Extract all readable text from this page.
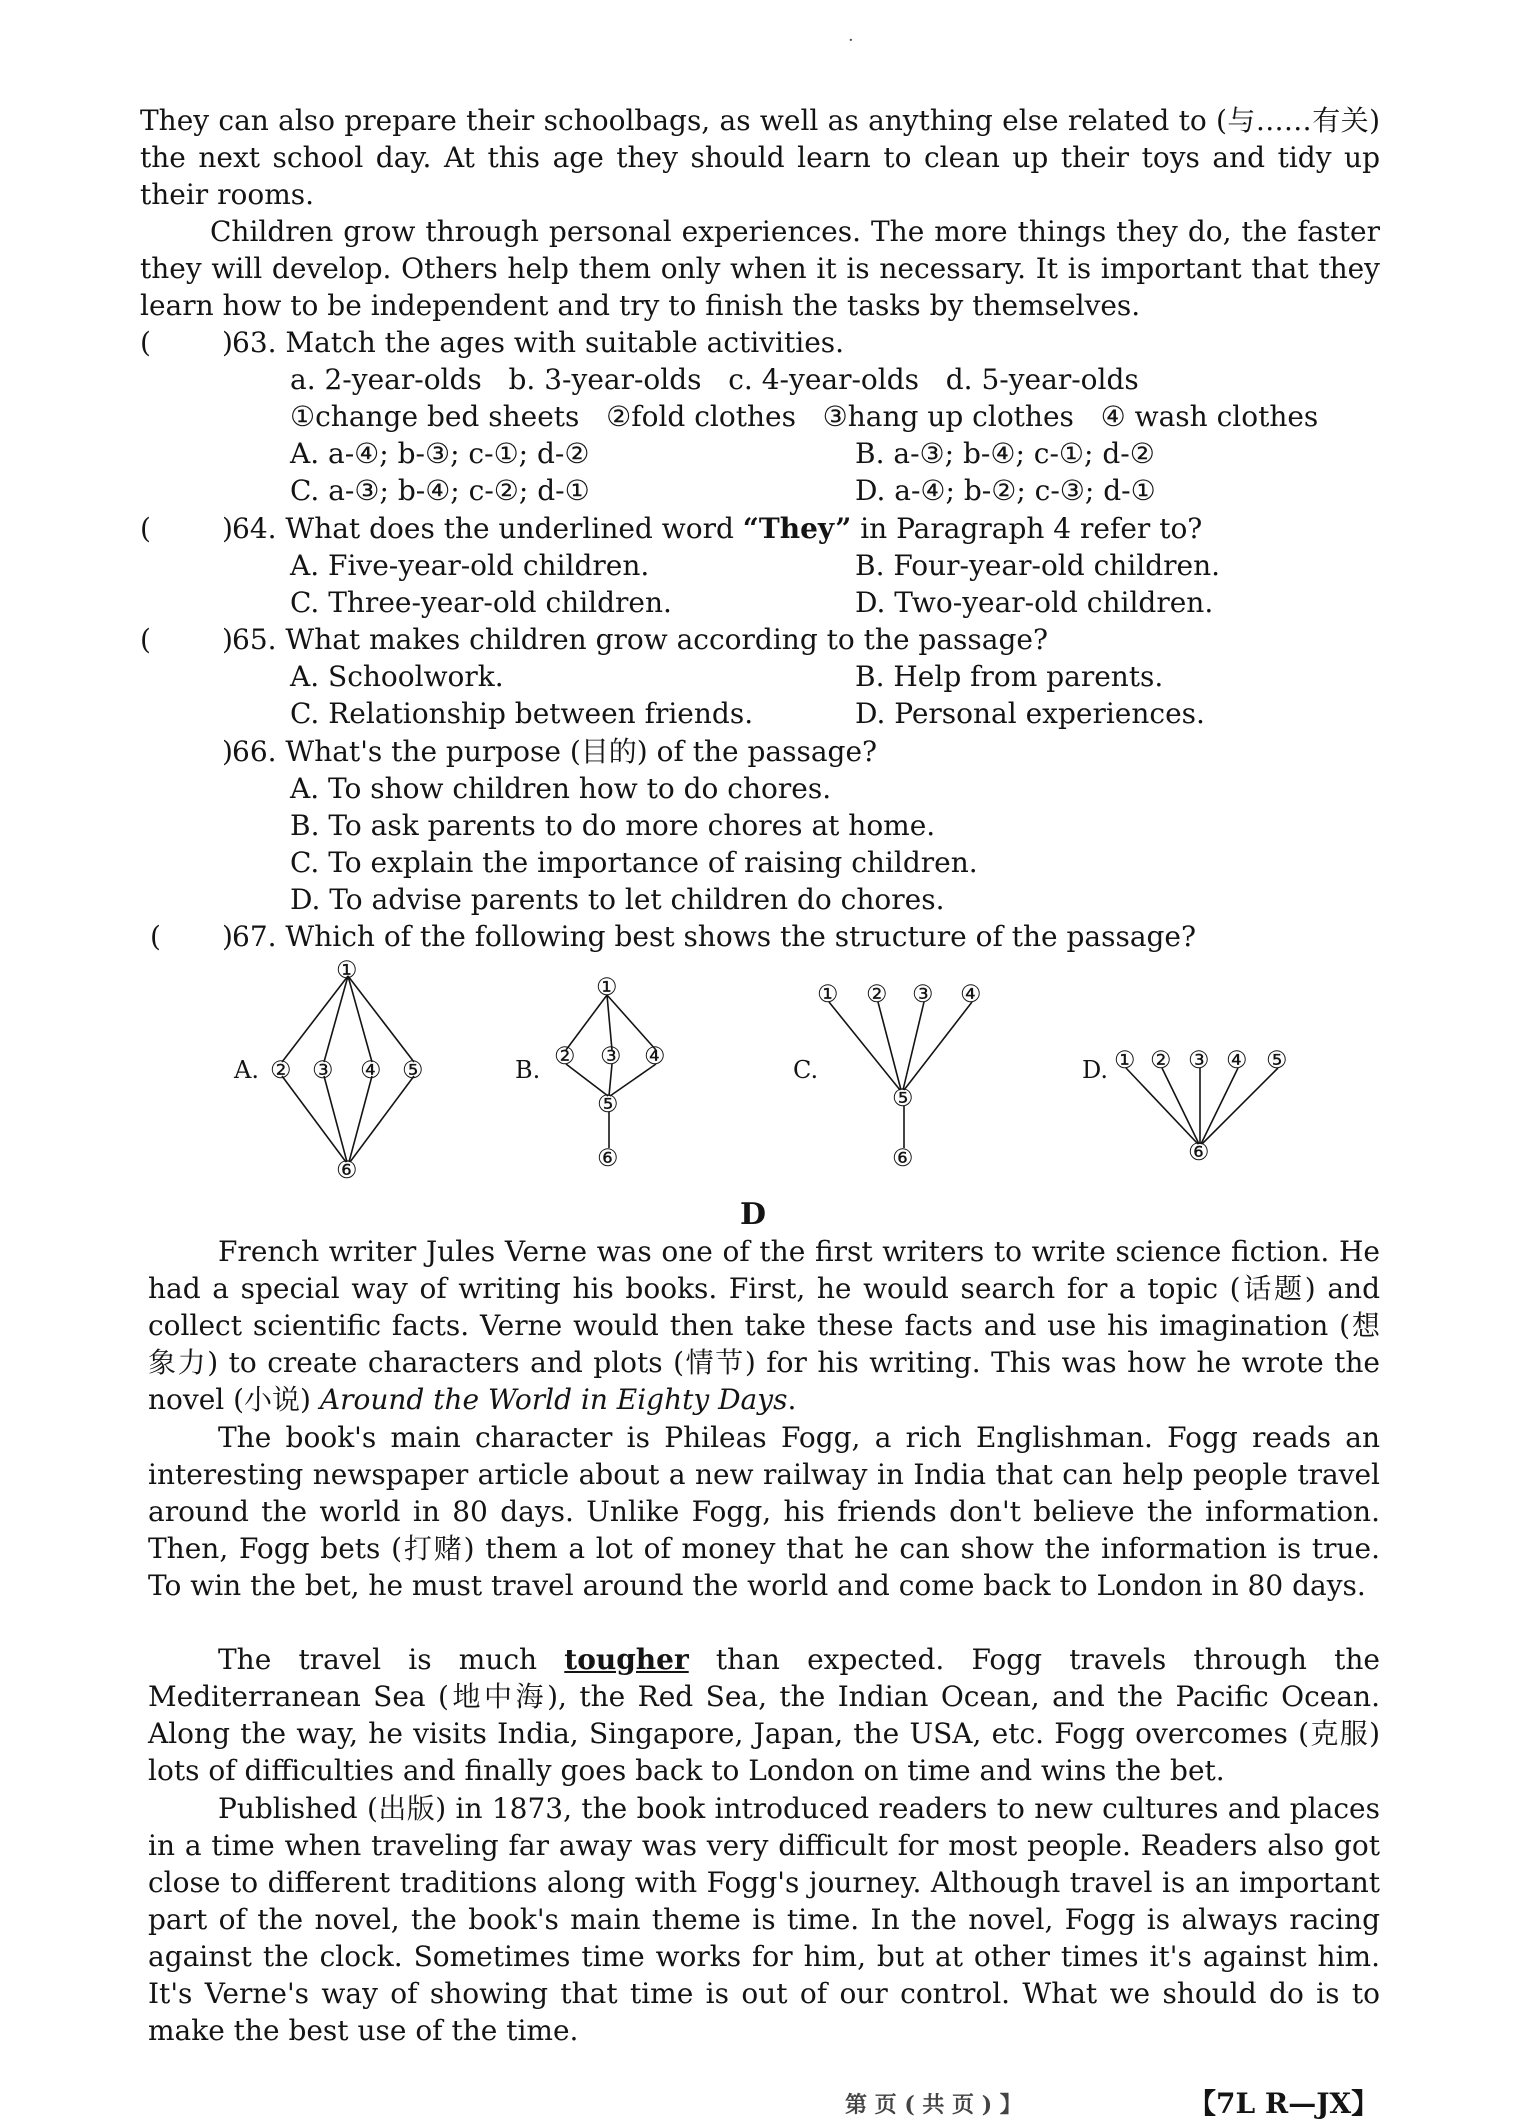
·

They can also prepare their schoolbags, as well as anything else related to (与……有关) the next school day. At this age they should learn to clean up their toys and tidy up their rooms.

Children grow through personal experiences. The more things they do, the faster they will develop. Others help them only when it is necessary. It is important that they learn how to be independent and try to finish the tasks by themselves.

(	) 63. Match the ages with suitable activities.
a. 2-year-olds   b. 3-year-olds   c. 4-year-olds   d. 5-year-olds
①change bed sheets   ②fold clothes   ③hang up clothes   ④ wash clothes
A. a-④; b-③; c-①; d-②	B. a-③; b-④; c-①; d-②
C. a-③; b-④; c-②; d-①	D. a-④; b-②; c-③; d-①
(	) 64. What does the underlined word “They” in Paragraph 4 refer to?
A. Five-year-old children.	B. Four-year-old children.
C. Three-year-old children.	D. Two-year-old children.
(	) 65. What makes children grow according to the passage?
A. Schoolwork.	B. Help from parents.
C. Relationship between friends.	D. Personal experiences.
) 66. What's the purpose (目的) of the passage?
A. To show children how to do chores.
B. To ask parents to do more chores at home.
C. To explain the importance of raising children.
D. To advise parents to let children do chores.
( ) 67. Which of the following best shows the structure of the passage?
A.	B.	C.	D.
①
② ③ ④ ⑤
⑥
①
② ③ ④
⑤
⑥
① ② ③ ④
⑤
⑥
① ② ③ ④ ⑤
⑥
D

French writer Jules Verne was one of the first writers to write science fiction. He had a special way of writing his books. First, he would search for a topic (话题) and collect scientific facts. Verne would then take these facts and use his imagination (想象力) to create characters and plots (情节) for his writing. This was how he wrote the novel (小说) Around the World in Eighty Days.

The book's main character is Phileas Fogg, a rich Englishman. Fogg reads an interesting newspaper article about a new railway in India that can help people travel around the world in 80 days. Unlike Fogg, his friends don't believe the information. Then, Fogg bets (打赌) them a lot of money that he can show the information is true. To win the bet, he must travel around the world and come back to London in 80 days.

The travel is much tougher than expected. Fogg travels through the Mediterranean Sea (地中海), the Red Sea, the Indian Ocean, and the Pacific Ocean. Along the way, he visits India, Singapore, Japan, the USA, etc. Fogg overcomes (克服) lots of difficulties and finally goes back to London on time and wins the bet.

Published (出版) in 1873, the book introduced readers to new cultures and places in a time when traveling far away was very difficult for most people. Readers also got close to different traditions along with Fogg's journey. Although travel is an important part of the novel, the book's main theme is time. In the novel, Fogg is always racing against the clock. Sometimes time works for him, but at other times it's against him. It's Verne's way of showing that time is out of our control. What we should do is to make the best use of the time.

第 页 ( 共 页 ) 】	【7L R—JX】
